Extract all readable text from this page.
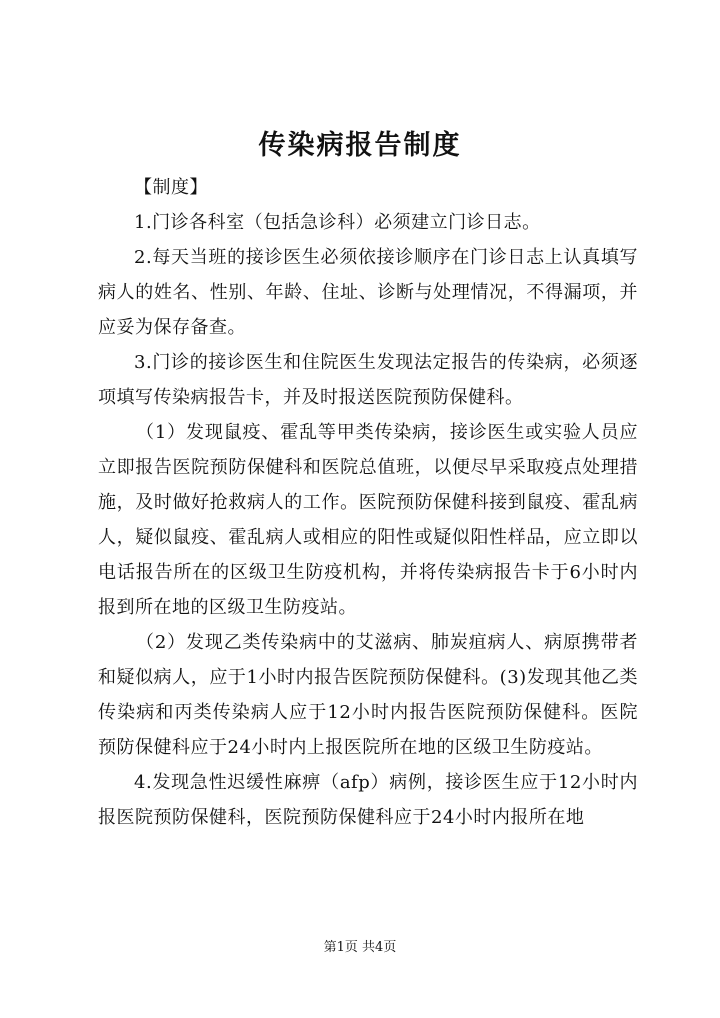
传染病报告制度

【制度】

1.门诊各科室（包括急诊科）必须建立门诊日志。

2.每天当班的接诊医生必须依接诊顺序在门诊日志上认真填写病人的姓名、性别、年龄、住址、诊断与处理情况，不得漏项，并应妥为保存备查。

3.门诊的接诊医生和住院医生发现法定报告的传染病，必须逐项填写传染病报告卡，并及时报送医院预防保健科。

（1）发现鼠疫、霍乱等甲类传染病，接诊医生或实验人员应立即报告医院预防保健科和医院总值班，以便尽早采取疫点处理措施，及时做好抢救病人的工作。医院预防保健科接到鼠疫、霍乱病人，疑似鼠疫、霍乱病人或相应的阳性或疑似阳性样品，应立即以电话报告所在的区级卫生防疫机构，并将传染病报告卡于6小时内报到所在地的区级卫生防疫站。

（2）发现乙类传染病中的艾滋病、肺炭疽病人、病原携带者和疑似病人，应于1小时内报告医院预防保健科。(3)发现其他乙类传染病和丙类传染病人应于12小时内报告医院预防保健科。医院预防保健科应于24小时内上报医院所在地的区级卫生防疫站。

4.发现急性迟缓性麻痹（afp）病例，接诊医生应于12小时内报医院预防保健科，医院预防保健科应于24小时内报所在地

第1页 共4页
